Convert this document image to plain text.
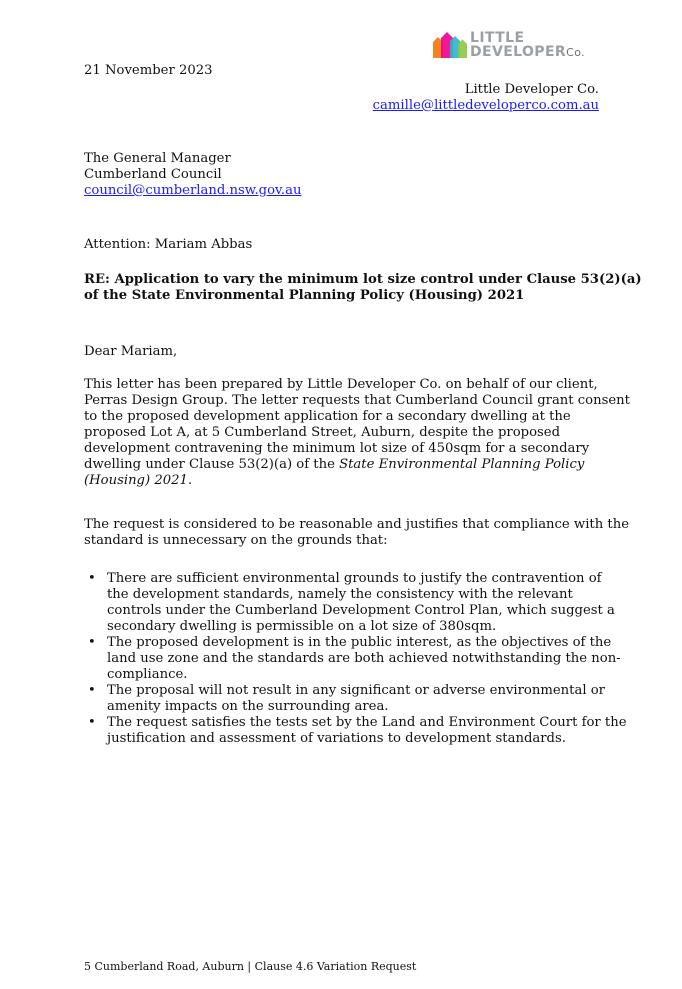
LITTLE
DEVELOPERCo.
21 November 2023
Little Developer Co.
camille@littledeveloperco.com.au
The General Manager
Cumberland Council
council@cumberland.nsw.gov.au
Attention: Mariam Abbas
RE: Application to vary the minimum lot size control under Clause 53(2)(a)
of the State Environmental Planning Policy (Housing) 2021
Dear Mariam,
This letter has been prepared by Little Developer Co. on behalf of our client,
Perras Design Group. The letter requests that Cumberland Council grant consent
to the proposed development application for a secondary dwelling at the
proposed Lot A, at 5 Cumberland Street, Auburn, despite the proposed
development contravening the minimum lot size of 450sqm for a secondary
dwelling under Clause 53(2)(a) of the State Environmental Planning Policy
(Housing) 2021.
The request is considered to be reasonable and justifies that compliance with the
standard is unnecessary on the grounds that:
• There are sufficient environmental grounds to justify the contravention of
the development standards, namely the consistency with the relevant
controls under the Cumberland Development Control Plan, which suggest a
secondary dwelling is permissible on a lot size of 380sqm.
• The proposed development is in the public interest, as the objectives of the
land use zone and the standards are both achieved notwithstanding the non-
compliance.
• The proposal will not result in any significant or adverse environmental or
amenity impacts on the surrounding area.
• The request satisfies the tests set by the Land and Environment Court for the
justification and assessment of variations to development standards.
5 Cumberland Road, Auburn | Clause 4.6 Variation Request
